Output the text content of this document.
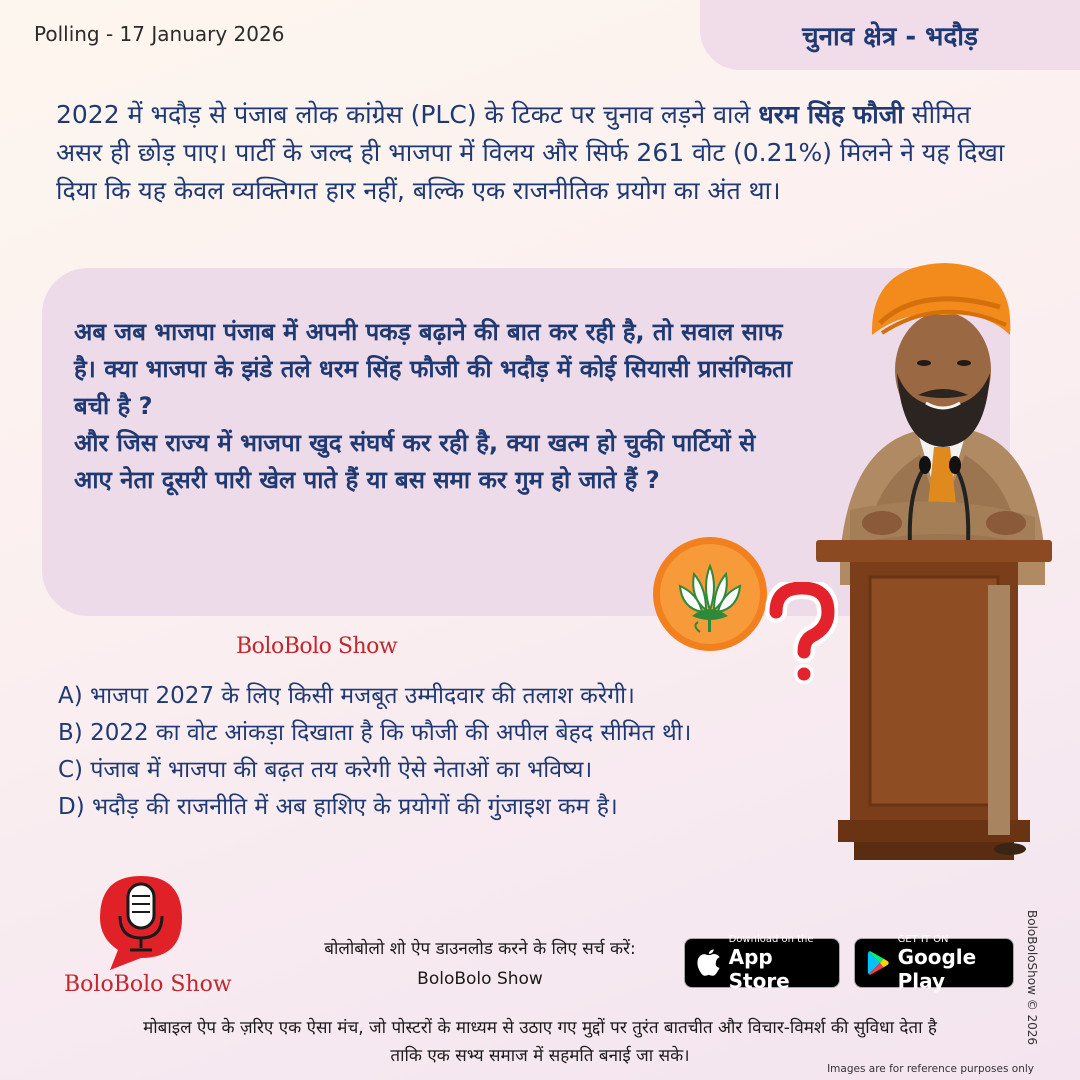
Polling - 17 January 2026	चुनाव क्षेत्र - भदौड़
2022 में भदौड़ से पंजाब लोक कांग्रेस (PLC) के टिकट पर चुनाव लड़ने वाले धरम सिंह फौजी सीमित असर ही छोड़ पाए। पार्टी के जल्द ही भाजपा में विलय और सिर्फ 261 वोट (0.21%) मिलने ने यह दिखा दिया कि यह केवल व्यक्तिगत हार नहीं, बल्कि एक राजनीतिक प्रयोग का अंत था।
अब जब भाजपा पंजाब में अपनी पकड़ बढ़ाने की बात कर रही है, तो सवाल साफ है। क्या भाजपा के झंडे तले धरम सिंह फौजी की भदौड़ में कोई सियासी प्रासंगिकता बची है ?
और जिस राज्य में भाजपा खुद संघर्ष कर रही है, क्या खत्म हो चुकी पार्टियों से आए नेता दूसरी पारी खेल पाते हैं या बस समा कर गुम हो जाते हैं ?
BoloBolo Show
A) भाजपा 2027 के लिए किसी मजबूत उम्मीदवार की तलाश करेगी।
B) 2022 का वोट आंकड़ा दिखाता है कि फौजी की अपील बेहद सीमित थी।
C) पंजाब में भाजपा की बढ़त तय करेगी ऐसे नेताओं का भविष्य।
D) भदौड़ की राजनीति में अब हाशिए के प्रयोगों की गुंजाइश कम है।
BoloBolo Show
बोलोबोलो शो ऐप डाउनलोड करने के लिए सर्च करें:
BoloBolo Show
Download on the
App Store
GET IT ON
Google Play
मोबाइल ऐप के ज़रिए एक ऐसा मंच, जो पोस्टरों के माध्यम से उठाए गए मुद्दों पर तुरंत बातचीत और विचार-विमर्श की सुविधा देता है
ताकि एक सभ्य समाज में सहमति बनाई जा सके।
Images are for reference purposes only
BoloBoloShow © 2026
